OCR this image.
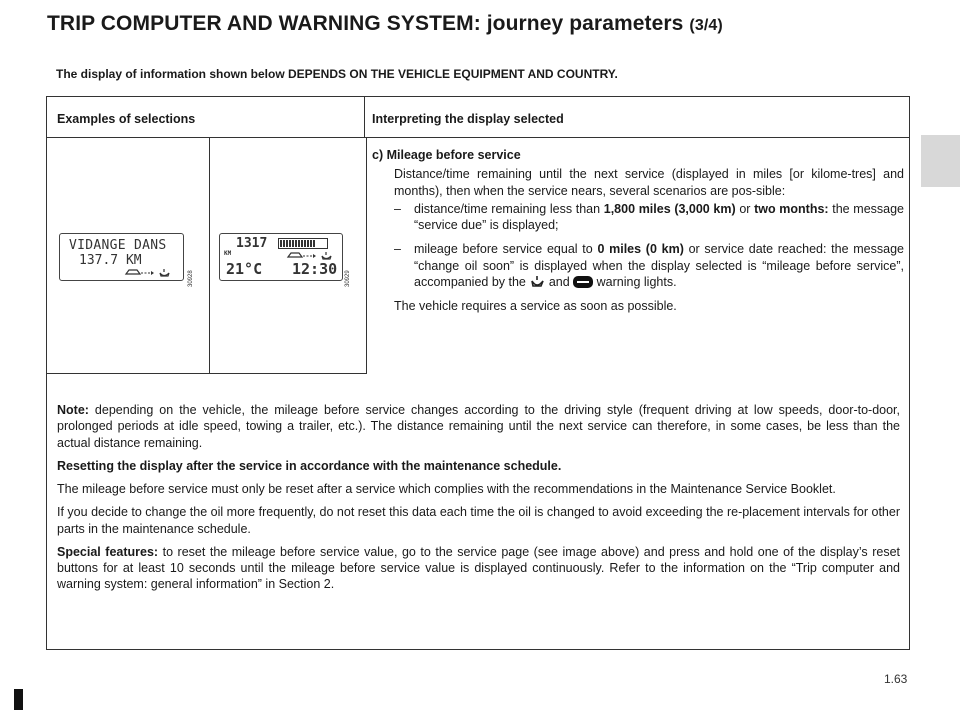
TRIP COMPUTER AND WARNING SYSTEM: journey parameters (3/4)
The display of information shown below DEPENDS ON THE VEHICLE EQUIPMENT AND COUNTRY.
Examples of selections	Interpreting the display selected
VIDANGE DANS
137.7 KM
30928
1317
KM
21°C 12:30
30929

c) Mileage before service

Distance/time remaining until the next service (displayed in miles [or kilome-tres] and months), then when the service nears, several scenarios are pos-sible:

– distance/time remaining less than 1,800 miles (3,000 km) or two months: the message “service due” is displayed;

– mileage before service equal to 0 miles (0 km) or service date reached: the message “change oil soon” is displayed when the display selected is “mileage before service”, accompanied by the  and  warning lights.

The vehicle requires a service as soon as possible.

Note: depending on the vehicle, the mileage before service changes according to the driving style (frequent driving at low speeds, door-to-door, prolonged periods at idle speed, towing a trailer, etc.). The distance remaining until the next service can therefore, in some cases, be less than the actual distance remaining.

Resetting the display after the service in accordance with the maintenance schedule.

The mileage before service must only be reset after a service which complies with the recommendations in the Maintenance Service Booklet.

If you decide to change the oil more frequently, do not reset this data each time the oil is changed to avoid exceeding the re-placement intervals for other parts in the maintenance schedule.

Special features: to reset the mileage before service value, go to the service page (see image above) and press and hold one of the display’s reset buttons for at least 10 seconds until the mileage before service value is displayed continuously. Refer to the information on the “Trip computer and warning system: general information” in Section 2.

1.63
